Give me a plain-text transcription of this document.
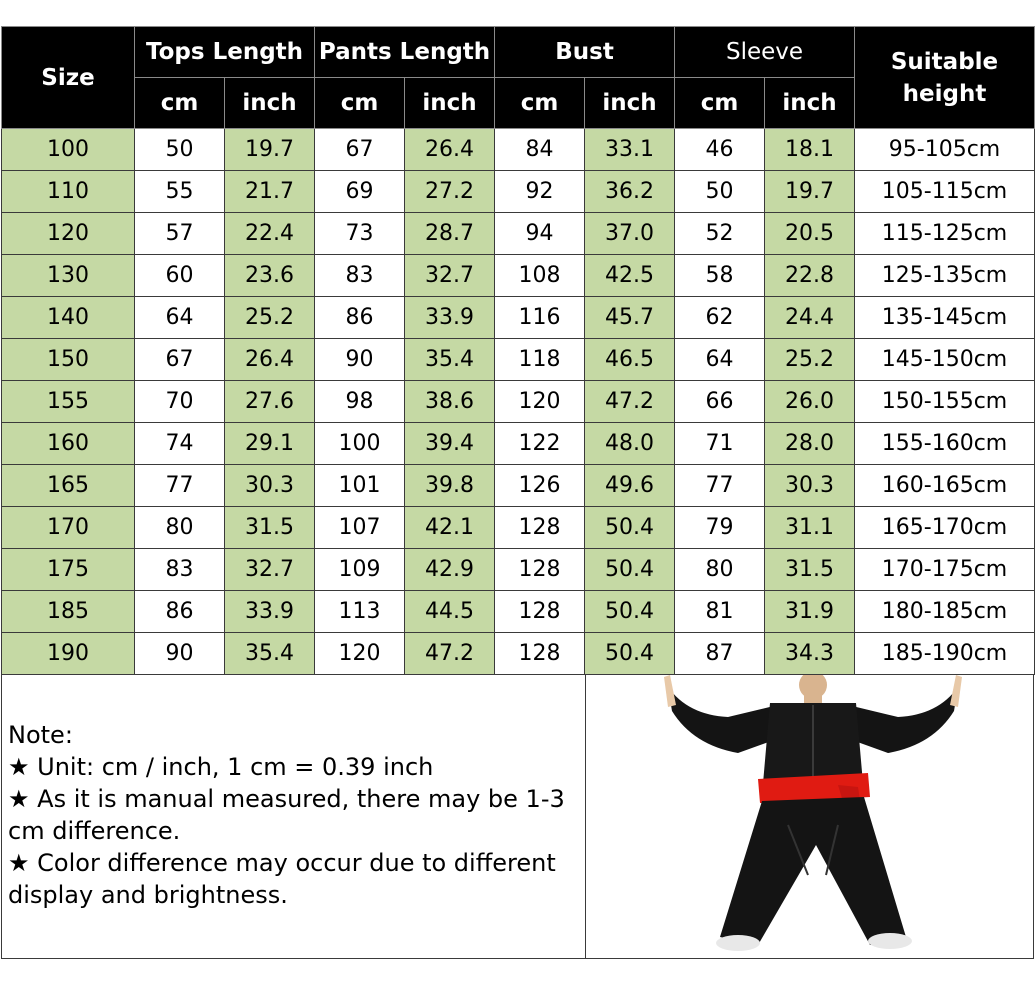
Size	Tops Length		Pants Length		Bust		Sleeve		Suitable height
	cm	inch	cm	inch	cm	inch	cm	inch	
100	50	19.7	67	26.4	84	33.1	46	18.1	95-105cm
110	55	21.7	69	27.2	92	36.2	50	19.7	105-115cm
120	57	22.4	73	28.7	94	37.0	52	20.5	115-125cm
130	60	23.6	83	32.7	108	42.5	58	22.8	125-135cm
140	64	25.2	86	33.9	116	45.7	62	24.4	135-145cm
150	67	26.4	90	35.4	118	46.5	64	25.2	145-150cm
155	70	27.6	98	38.6	120	47.2	66	26.0	150-155cm
160	74	29.1	100	39.4	122	48.0	71	28.0	155-160cm
165	77	30.3	101	39.8	126	49.6	77	30.3	160-165cm
170	80	31.5	107	42.1	128	50.4	79	31.1	165-170cm
175	83	32.7	109	42.9	128	50.4	80	31.5	170-175cm
185	86	33.9	113	44.5	128	50.4	81	31.9	180-185cm
190	90	35.4	120	47.2	128	50.4	87	34.3	185-190cm
Note:
★ Unit: cm / inch, 1 cm = 0.39 inch
★ As it is manual measured, there may be 1-3 cm difference.
★ Color difference may occur due to different display and brightness.
